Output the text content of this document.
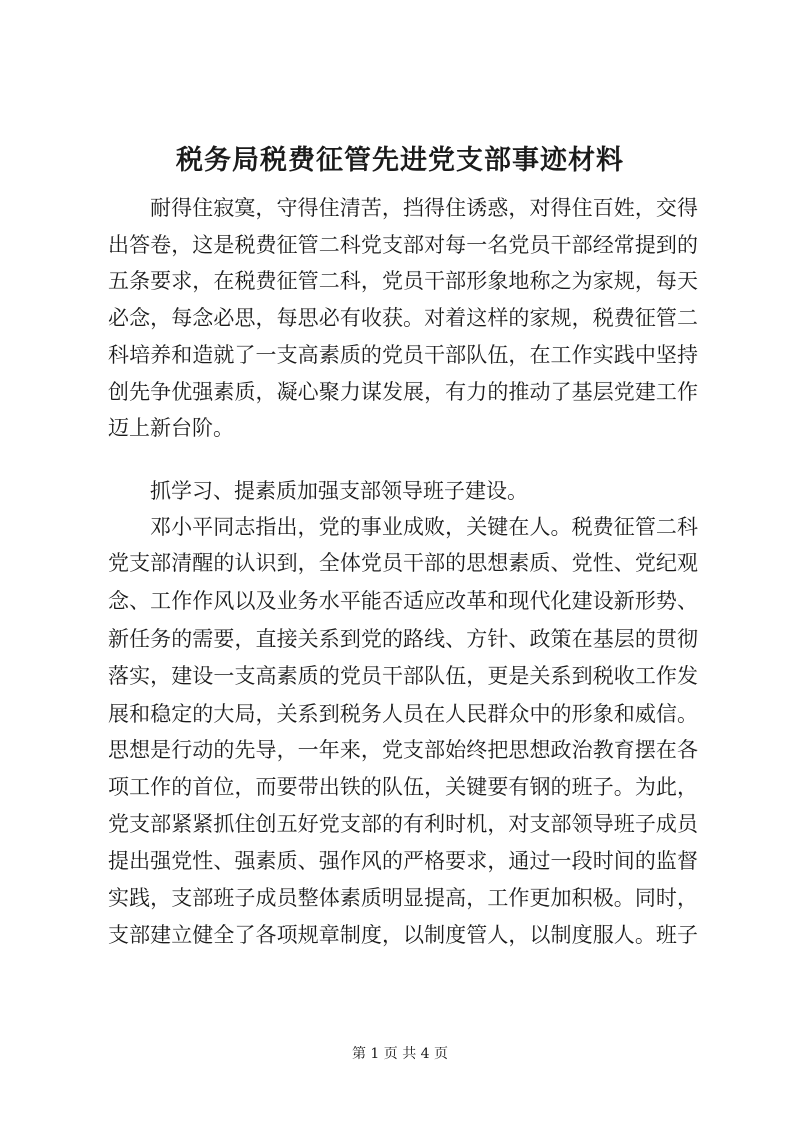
税务局税费征管先进党支部事迹材料
耐得住寂寞，守得住清苦，挡得住诱惑，对得住百姓，交得
出答卷，这是税费征管二科党支部对每一名党员干部经常提到的
五条要求，在税费征管二科，党员干部形象地称之为家规，每天
必念，每念必思，每思必有收获。对着这样的家规，税费征管二
科培养和造就了一支高素质的党员干部队伍，在工作实践中坚持
创先争优强素质，凝心聚力谋发展，有力的推动了基层党建工作
迈上新台阶。
抓学习、提素质加强支部领导班子建设。
邓小平同志指出，党的事业成败，关键在人。税费征管二科
党支部清醒的认识到，全体党员干部的思想素质、党性、党纪观
念、工作作风以及业务水平能否适应改革和现代化建设新形势、
新任务的需要，直接关系到党的路线、方针、政策在基层的贯彻
落实，建设一支高素质的党员干部队伍，更是关系到税收工作发
展和稳定的大局，关系到税务人员在人民群众中的形象和威信。
思想是行动的先导，一年来，党支部始终把思想政治教育摆在各
项工作的首位，而要带出铁的队伍，关键要有钢的班子。为此，
党支部紧紧抓住创五好党支部的有利时机，对支部领导班子成员
提出强党性、强素质、强作风的严格要求，通过一段时间的监督
实践，支部班子成员整体素质明显提高，工作更加积极。同时，
支部建立健全了各项规章制度，以制度管人，以制度服人。班子
第 1 页 共 4 页
